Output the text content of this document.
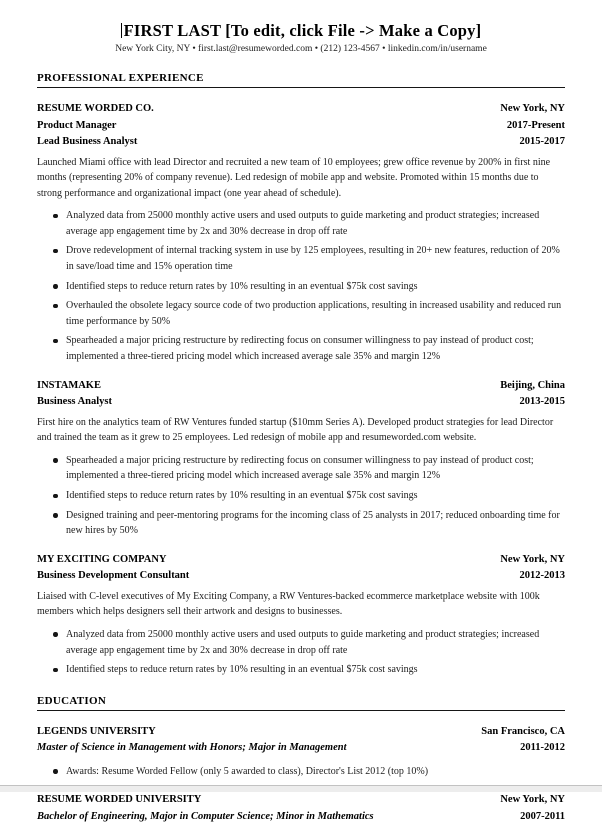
FIRST LAST [To edit, click File -> Make a Copy]

New York City, NY • first.last@resumeworded.com • (212) 123-4567 • linkedin.com/in/username

PROFESSIONAL EXPERIENCE
RESUME WORDED CO.	New York, NY
Product Manager	2017-Present
Lead Business Analyst	2015-2017

Launched Miami office with lead Director and recruited a new team of 10 employees; grew office revenue by 200% in first nine months (representing 20% of company revenue). Led redesign of mobile app and website. Promoted within 15 months due to strong performance and organizational impact (one year ahead of schedule).

Analyzed data from 25000 monthly active users and used outputs to guide marketing and product strategies; increased average app engagement time by 2x and 30% decrease in drop off rate
Drove redevelopment of internal tracking system in use by 125 employees, resulting in 20+ new features, reduction of 20% in save/load time and 15% operation time
Identified steps to reduce return rates by 10% resulting in an eventual $75k cost savings
Overhauled the obsolete legacy source code of two production applications, resulting in increased usability and reduced run time performance by 50%
Spearheaded a major pricing restructure by redirecting focus on consumer willingness to pay instead of product cost; implemented a three-tiered pricing model which increased average sale 35% and margin 12%
INSTAMAKE	Beijing, China
Business Analyst	2013-2015

First hire on the analytics team of RW Ventures funded startup ($10mm Series A). Developed product strategies for lead Director and trained the team as it grew to 25 employees. Led redesign of mobile app and resumeworded.com website.

Spearheaded a major pricing restructure by redirecting focus on consumer willingness to pay instead of product cost; implemented a three-tiered pricing model which increased average sale 35% and margin 12%
Identified steps to reduce return rates by 10% resulting in an eventual $75k cost savings
Designed training and peer-mentoring programs for the incoming class of 25 analysts in 2017; reduced onboarding time for new hires by 50%
MY EXCITING COMPANY	New York, NY
Business Development Consultant	2012-2013

Liaised with C-level executives of My Exciting Company, a RW Ventures-backed ecommerce marketplace website with 100k members which helps designers sell their artwork and designs to businesses.

Analyzed data from 25000 monthly active users and used outputs to guide marketing and product strategies; increased average app engagement time by 2x and 30% decrease in drop off rate
Identified steps to reduce return rates by 10% resulting in an eventual $75k cost savings
EDUCATION
LEGENDS UNIVERSITY	San Francisco, CA
Master of Science in Management with Honors; Major in Management	2011-2012
Awards: Resume Worded Fellow (only 5 awarded to class), Director's List 2012 (top 10%)
RESUME WORDED UNIVERSITY	New York, NY
Bachelor of Engineering, Major in Computer Science; Minor in Mathematics	2007-2011
